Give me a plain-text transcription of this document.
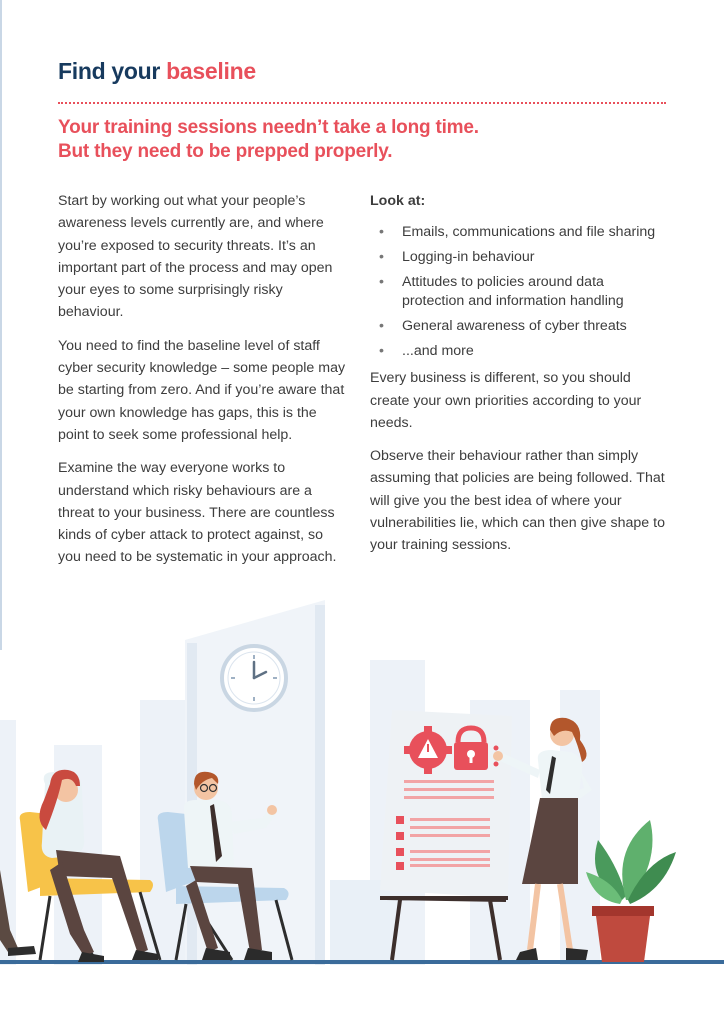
Find your baseline
Your training sessions needn’t take a long time.
But they need to be prepped properly.

Start by working out what your people’s awareness levels currently are, and where you’re exposed to security threats. It’s an important part of the process and may open your eyes to some surprisingly risky behaviour.

You need to find the baseline level of staff cyber security knowledge – some people may be starting from zero. And if you’re aware that your own knowledge has gaps, this is the point to seek some professional help.

Examine the way everyone works to understand which risky behaviours are a threat to your business. There are countless kinds of cyber attack to protect against, so you need to be systematic in your approach.

Look at:

• Emails, communications and file sharing
• Logging-in behaviour
• Attitudes to policies around data protection and information handling
• General awareness of cyber threats
• ...and more

Every business is different, so you should create your own priorities according to your needs.

Observe their behaviour rather than simply assuming that policies are being followed. That will give you the best idea of where your vulnerabilities lie, which can then give shape to your training sessions.
